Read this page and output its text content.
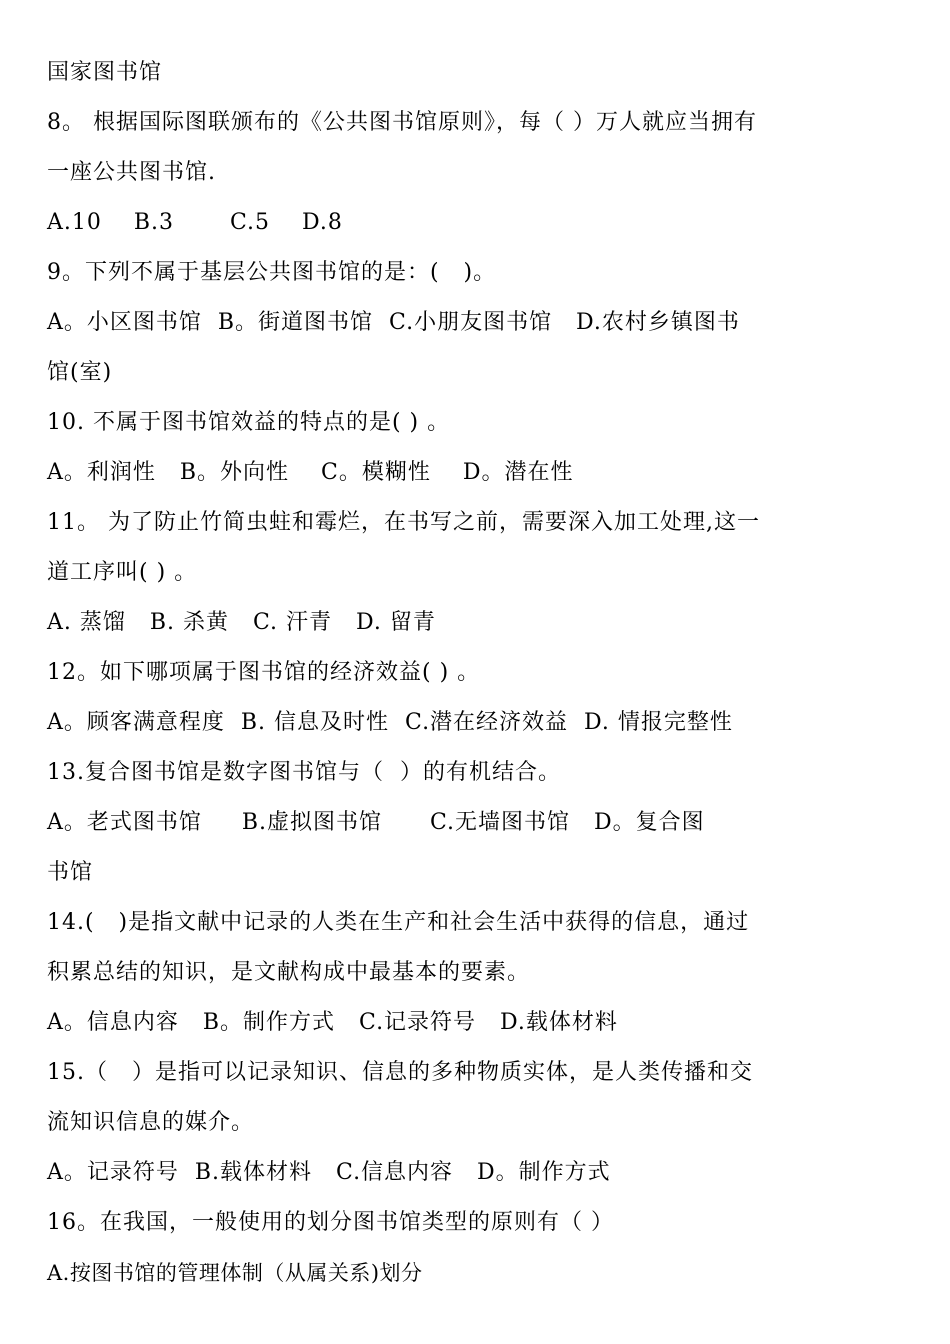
国家图书馆
8。 根据国际图联颁布的《公共图书馆原则》，每（ ）万人就应当拥有
一座公共图书馆.
A.10    B.3       C.5    D.8
9。下列不属于基层公共图书馆的是：(   )。
A。小区图书馆  B。街道图书馆  C.小朋友图书馆   D.农村乡镇图书
馆(室)
10. 不属于图书馆效益的特点的是( ) 。
A。利润性   B。外向性    C。模糊性    D。潜在性
11。 为了防止竹简虫蛀和霉烂，在书写之前，需要深入加工处理,这一
道工序叫( ) 。
A. 蒸馏   B. 杀黄   C. 汗青   D. 留青
12。如下哪项属于图书馆的经济效益( ) 。
A。顾客满意程度  B. 信息及时性  C.潜在经济效益  D. 情报完整性
13.复合图书馆是数字图书馆与（  ）的有机结合。
A。老式图书馆     B.虚拟图书馆      C.无墙图书馆   D。复合图
书馆
14.(   )是指文献中记录的人类在生产和社会生活中获得的信息，通过
积累总结的知识，是文献构成中最基本的要素。
A。信息内容   B。制作方式   C.记录符号   D.载体材料
15.（   ）是指可以记录知识、信息的多种物质实体，是人类传播和交
流知识信息的媒介。
A。记录符号  B.载体材料   C.信息内容   D。制作方式
16。在我国，一般使用的划分图书馆类型的原则有（ ）
A.按图书馆的管理体制（从属关系)划分
